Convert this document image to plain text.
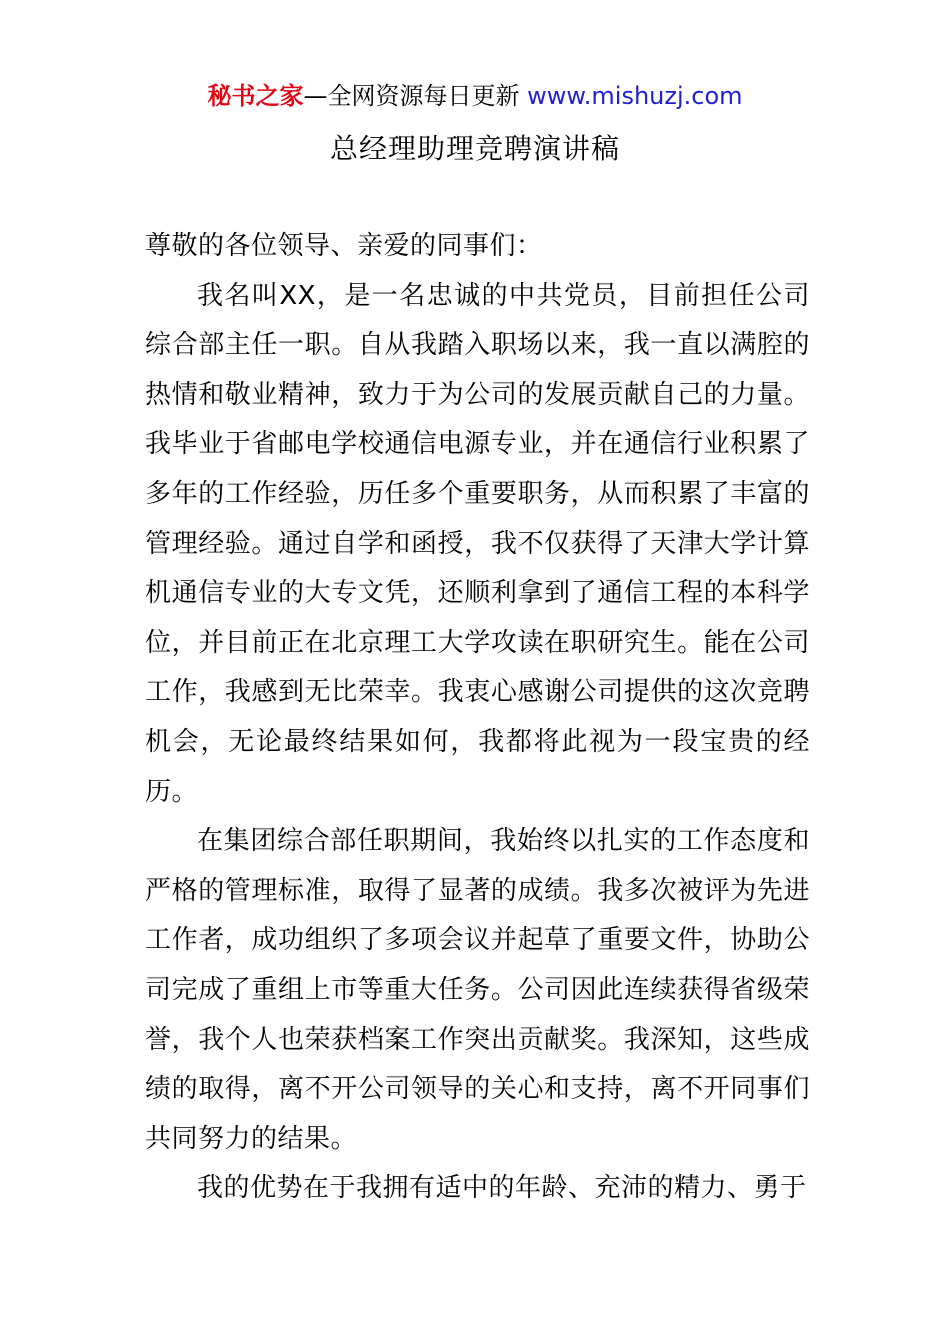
秘书之家—全网资源每日更新 www.mishuzj.com
总经理助理竞聘演讲稿

尊敬的各位领导、亲爱的同事们：

我名叫XX，是一名忠诚的中共党员，目前担任公司综合部主任一职。自从我踏入职场以来，我一直以满腔的热情和敬业精神，致力于为公司的发展贡献自己的力量。我毕业于省邮电学校通信电源专业，并在通信行业积累了多年的工作经验，历任多个重要职务，从而积累了丰富的管理经验。通过自学和函授，我不仅获得了天津大学计算机通信专业的大专文凭，还顺利拿到了通信工程的本科学位，并目前正在北京理工大学攻读在职研究生。能在公司工作，我感到无比荣幸。我衷心感谢公司提供的这次竞聘机会，无论最终结果如何，我都将此视为一段宝贵的经历。

在集团综合部任职期间，我始终以扎实的工作态度和严格的管理标准，取得了显著的成绩。我多次被评为先进工作者，成功组织了多项会议并起草了重要文件，协助公司完成了重组上市等重大任务。公司因此连续获得省级荣誉，我个人也荣获档案工作突出贡献奖。我深知，这些成绩的取得，离不开公司领导的关心和支持，离不开同事们共同努力的结果。

我的优势在于我拥有适中的年龄、充沛的精力、勇于
